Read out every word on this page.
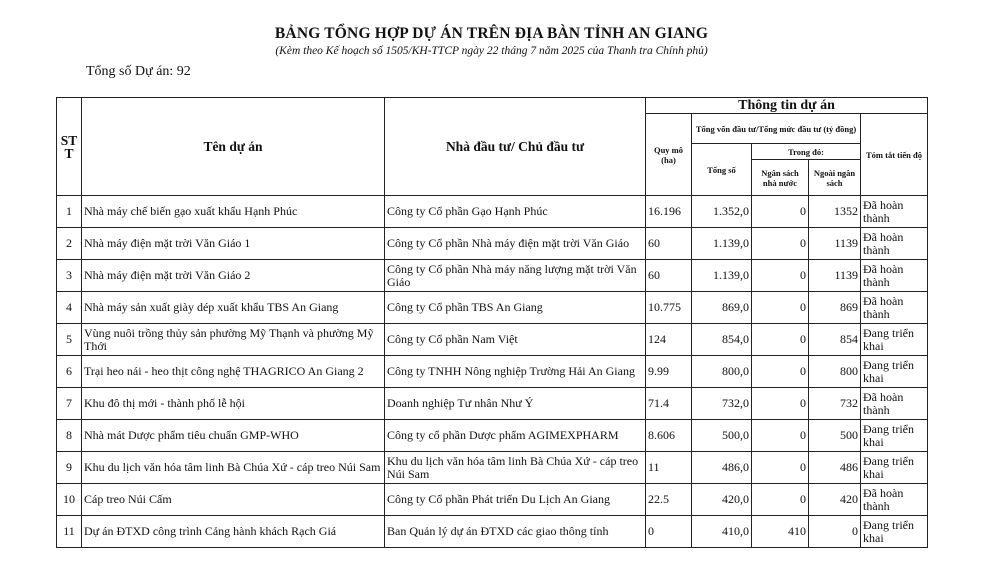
BẢNG TỔNG HỢP DỰ ÁN TRÊN ĐỊA BÀN TỈNH AN GIANG
(Kèm theo Kế hoạch số 1505/KH-TTCP ngày 22 tháng 7 năm 2025 của Thanh tra Chính phủ)
Tổng số Dự án: 92
ST T	Tên dự án	Nhà đầu tư/ Chủ đầu tư	Thông tin dự án				
			Quy mô (ha)	Tổng vốn đầu tư/Tổng mức đầu tư (tỷ đồng)			Tóm tắt tiến độ
				Tổng số	Trong đó:		
					Ngân sách nhà nước	Ngoài ngân sách	
1	Nhà máy chế biến gạo xuất khẩu Hạnh Phúc	Công ty Cổ phần Gạo Hạnh Phúc	16.196	1.352,0	0	1352	Đã hoàn thành
2	Nhà máy điện mặt trời Văn Giáo 1	Công ty Cổ phần Nhà máy điện mặt trời Văn Giáo	60	1.139,0	0	1139	Đã hoàn thành
3	Nhà máy điện mặt trời Văn Giáo 2	Công ty Cổ phần Nhà máy năng lượng mặt trời Văn Giáo	60	1.139,0	0	1139	Đã hoàn thành
4	Nhà máy sản xuất giày dép xuất khẩu TBS An Giang	Công ty Cổ phần TBS An Giang	10.775	869,0	0	869	Đã hoàn thành
5	Vùng nuôi trồng thủy sản phường Mỹ Thạnh và phường Mỹ Thới	Công ty Cổ phần Nam Việt	124	854,0	0	854	Đang triển khai
6	Trại heo nái - heo thịt công nghệ THAGRICO An Giang 2	Công ty TNHH Nông nghiệp Trường Hải An Giang	9.99	800,0	0	800	Đang triển khai
7	Khu đô thị mới - thành phố lễ hội	Doanh nghiệp Tư nhân Như Ý	71.4	732,0	0	732	Đã hoàn thành
8	Nhà mát Dược phẩm tiêu chuẩn GMP-WHO	Công ty cổ phần Dược phẩm AGIMEXPHARM	8.606	500,0	0	500	Đang triển khai
9	Khu du lịch văn hóa tâm linh Bà Chúa Xứ - cáp treo Núi Sam	Khu du lịch văn hóa tâm linh Bà Chúa Xứ - cáp treo Núi Sam	11	486,0	0	486	Đang triển khai
10	Cáp treo Núi Cấm	Công ty Cổ phần Phát triển Du Lịch An Giang	22.5	420,0	0	420	Đã hoàn thành
11	Dự án ĐTXD công trình Cảng hành khách Rạch Giá	Ban Quản lý dự án ĐTXD các giao thông tỉnh	0	410,0	410	0	Đang triển khai
